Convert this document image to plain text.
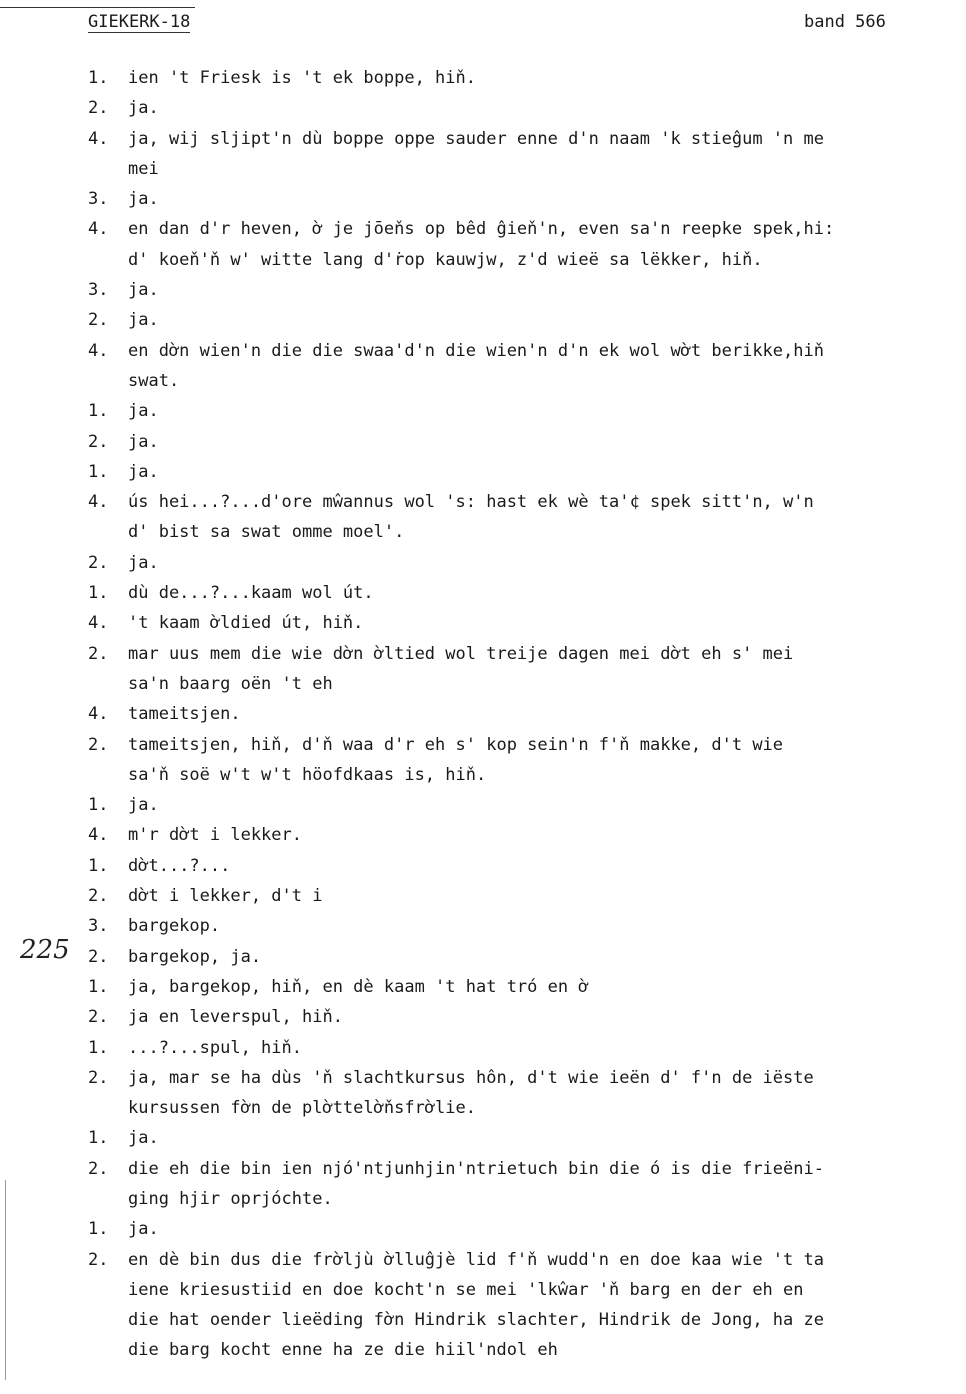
GIEKERK-18	band 566
225
1.	ien 't Friesk is 't ek boppe, hiň.
2.	ja.
4.	ja, wij sljipt'n dù boppe oppe sauder enne d'n naam 'k stieĝum 'n me
mei
3.	ja.
4.	en dan d'r heven, ờ je jōeňs op bêd ĝieň'n, even sa'n reepke spek,hi:
d' koeň'ň w' witte lang d'ṙop kauwjw, z'd wieë sa lëkker, hiň.
3.	ja.
2.	ja.
4.	en dờn wien'n die die swaa'd'n die wien'n d'n ek wol wờt berikke,hiň
swat.
1.	ja.
2.	ja.
1.	ja.
4.	ús hei...?...d'ore mŵannus wol 's: hast ek wè ta'¢ spek sitt'n, w'n
d' bist sa swat omme moel'.
2.	ja.
1.	dù de...?...kaam wol út.
4.	't kaam ờldied út, hiň.
2.	mar uus mem die wie dờn ờltied wol treije dagen mei dờt eh s' mei
sa'n baarg oën 't eh
4.	tameitsjen.
2.	tameitsjen, hiň, d'ň waa d'r eh s' kop sein'n f'ň makke, d't wie
sa'ň soë w't w't höofdkaas is, hiň.
1.	ja.
4.	m'r dờt i lekker.
1.	dờt...?...
2.	dờt i lekker, d't i
3.	bargekop.
2.	bargekop, ja.
1.	ja, bargekop, hiň, en dè kaam 't hat tró en ờ
2.	ja en leverspul, hiň.
1.	...?...spul, hiň.
2.	ja, mar se ha dùs 'ň slachtkursus hôn, d't wie ieën d' f'n de iëste
kursussen fờn de plờttelờňsfrờlie.
1.	ja.
2.	die eh die bin ien njó'ntjunhjin'ntrietuch bin die ó is die frieëni-
ging hjir oprjóchte.
1.	ja.
2.	en dè bin dus die frờljù ờlluĝjè lid f'ň wudd'n en doe kaa wie 't ta
iene kriesustiid en doe kocht'n se mei 'lkŵar 'ň barg en der eh en
die hat oender lieëding fờn Hindrik slachter, Hindrik de Jong, ha ze
die barg kocht enne ha ze die hiil'ndol eh
